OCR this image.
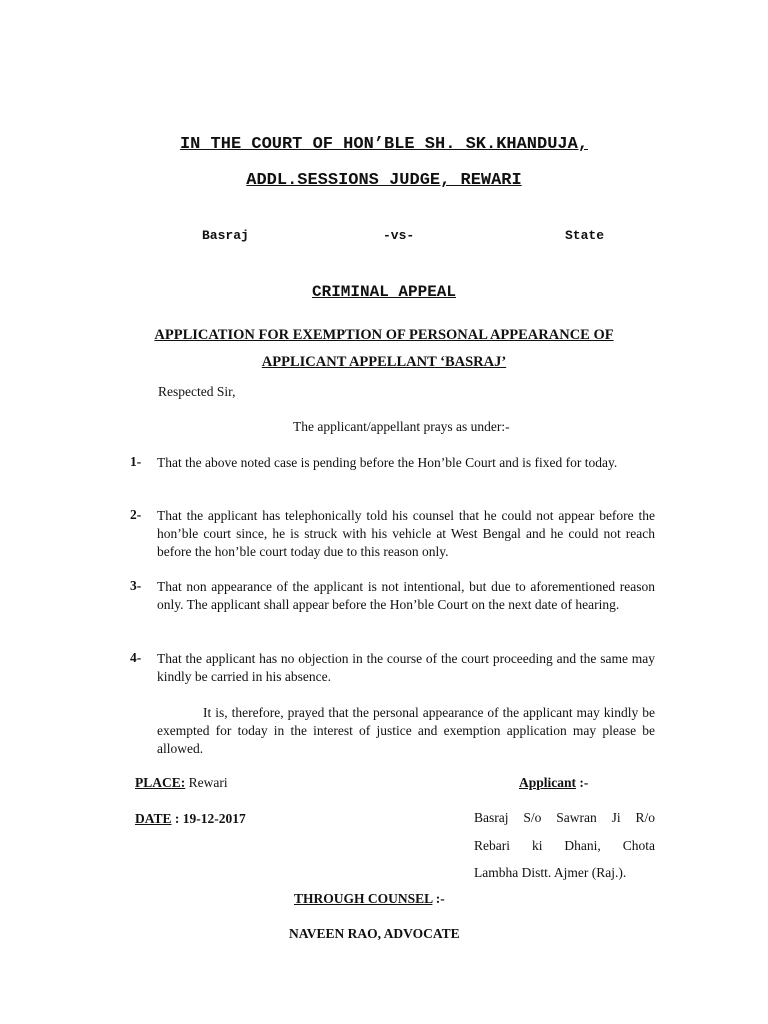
IN THE COURT OF HON’BLE SH. SK.KHANDUJA,
ADDL.SESSIONS JUDGE, REWARI
Basraj	-vs-	State
CRIMINAL APPEAL
APPLICATION FOR EXEMPTION OF PERSONAL APPEARANCE OF
APPLICANT APPELLANT ‘BASRAJ’
Respected Sir,
The applicant/appellant prays as under:-
1- That the above noted case is pending before the Hon’ble Court and is fixed for today.
2- That the applicant has telephonically told his counsel that he could not appear before the hon’ble court since, he is struck with his vehicle at West Bengal and he could not reach before the hon’ble court today due to this reason only.
3- That non appearance of the applicant is not intentional, but due to aforementioned reason only. The applicant shall appear before the Hon’ble Court on the next date of hearing.
4- That the applicant has no objection in the course of the court proceeding and the same may kindly be carried in his absence.
It is, therefore, prayed that the personal appearance of the applicant may kindly be exempted for today in the interest of justice and exemption application may please be allowed.
PLACE: Rewari	Applicant :-
DATE : 19-12-2017	Basraj S/o Sawran Ji R/o
Rebari ki Dhani, Chota
Lambha Distt. Ajmer (Raj.).
THROUGH COUNSEL :-
NAVEEN RAO, ADVOCATE
